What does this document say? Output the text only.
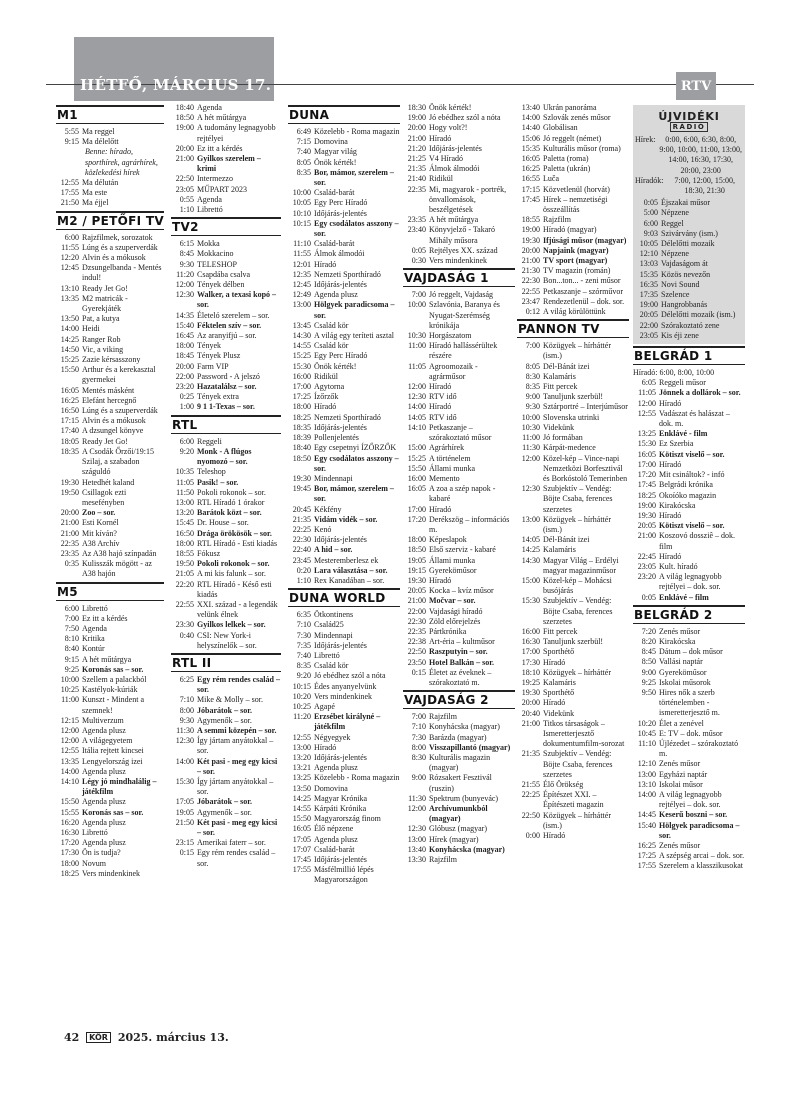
HÉTFŐ, MÁRCIUS 17.	RTV
M1
5:55 Ma reggel
9:15 Ma délelőtt
Benne: hírado, sporthírek, agrárhírek, közlekedési hírek
12:55 Ma délután
17:55 Ma este
21:50 Ma éjjel
M2 / PETŐFI TV
6:00 Rajzfilmek, sorozatok
11:55 Lúng és a szuperverdák
12:20 Alvin és a mókusok
12:45 Dzsungelbanda - Mentés indul!
13:10 Ready Jet Go!
13:35 M2 matricák - Gyerekjáték
13:50 Pat, a kutya
14:00 Heidi
14:25 Ranger Rob
14:50 Vic, a viking
15:25 Zazie kérsasszony
15:50 Arthur és a kerekasztal gyermekei
16:05 Mentés másként
16:25 Elefánt hercegnő
16:50 Lúng és a szuperverdák
17:15 Alvin és a mókusok
17:40 A dzsungel könyve
18:05 Ready Jet Go!
18:35 A Csodák Őrzői/19:15 Szilaj, a szabadon száguldó
19:30 Hetedhét kaland
19:50 Csillagok ezti mesefényben
20:00 Zoo – sor.
21:00 Esti Kornél
21:00 Mit kíván?
22:35 A38 Archív
23:35 Az A38 hajó színpadán
0:35 Kulisszák mögött - az A38 hajón
M5
6:00 Librettó
7:00 Ez itt a kérdés
7:50 Agenda
8:10 Kritika
8:40 Kontúr
9:15 A hét műtárgya
9:25 Koronás sas – sor.
10:00 Szellem a palackból
10:25 Kastélyok-kúriák
11:00 Kunszt - Mindent a szemnek!
12:15 Multiverzum
12:00 Agenda plusz
12:00 A világegyetem
12:55 Itália rejtett kincsei
13:35 Lengyelország izei
14:00 Agenda plusz
14:10 Légy jó mindhalálig – játékfilm
15:50 Agenda plusz
15:55 Koronás sas – sor.
16:20 Agenda plusz
16:30 Librettó
17:20 Agenda plusz
17:30 Ön is tudja?
18:00 Novum
18:25 Vers mindenkinek
18:40 Agenda
18:50 A hét műtárgya
19:00 A tudomány legnagyobb rejtélyei
20:00 Ez itt a kérdés
21:00 Gyilkos szerelem – krimi
22:50 Intermezzo
23:05 MŰPART 2023
0:55 Agenda
1:10 Librettó
TV2
6:15 Mokka
8:45 Mokkacino
9:30 TELESHOP
11:20 Csapdába csalva
12:00 Tények délben
12:30 Walker, a texasi kopó – sor.
14:35 Életeló szerelem – sor.
15:40 Féktelen szív – sor.
16:45 Az aranyifjú – sor.
18:00 Tények
18:45 Tények Plusz
20:00 Farm VIP
22:00 Password - A jelszó
23:20 Hazatalálsz – sor.
0:25 Tények extra
1:00 9 1 1-Texas – sor.
RTL
6:00 Reggeli
9:20 Monk - A flúgos nyomozó – sor.
10:35 Teleshop
11:05 Pasik! – sor.
11:50 Pokoli rokonok – sor.
13:00 RTL Híradó 1 órakor
13:20 Barátok közt – sor.
15:45 Dr. House – sor.
16:50 Drága örökösök – sor.
18:00 RTL Híradó - Esti kiadás
18:55 Fókusz
19:50 Pokoli rokonok – sor.
21:05 A mi kis falunk – sor.
22:20 RTL Híradó - Késő esti kiadás
22:55 XXI. század - a legendák velünk élnek
23:30 Gyilkos lelkek – sor.
0:40 CSI: New York-i helyszínelők – sor.
RTL II
6:25 Egy rém rendes család – sor.
7:10 Mike & Molly – sor.
8:00 Jóbarátok – sor.
9:30 Agymenők – sor.
11:30 A semmi közepén – sor.
12:30 Így jártam anyátokkal – sor.
14:00 Két pasi - meg egy kicsi – sor.
15:30 Így jártam anyátokkal – sor.
17:05 Jóbarátok – sor.
19:05 Agymenők – sor.
21:50 Két pasi - meg egy kicsi – sor.
23:15 Amerikai faterr – sor.
0:15 Egy rém rendes család – sor.
DUNA
6:49 Közelebb - Roma magazin
7:15 Domovina
7:40 Magyar világ
8:05 Önök kérték!
8:35 Bor, mámor, szerelem – sor.
10:00 Család-barát
10:05 Egy Perc Híradó
10:10 Időjárás-jelentés
10:15 Egy csodálatos asszony – sor.
11:10 Család-barát
11:55 Álmok álmodói
12:01 Híradó
12:35 Nemzeti Sporthíradó
12:45 Időjárás-jelentés
12:49 Agenda plusz
13:00 Hölgyek paradicsoma – sor.
13:45 Család kör
14:30 A világ egy teríteti asztal
14:55 Család kör
15:25 Egy Perc Híradó
15:30 Önök kérték!
16:00 Ridikül
17:00 Agytorna
17:25 Ízőrzők
18:00 Híradó
18:25 Nemzeti Sporthíradó
18:35 Időjárás-jelentés
18:39 Pollenjelentés
18:40 Egy csepetnyi ÍZŐRZŐK
18:50 Egy csodálatos asszony – sor.
19:30 Mindennapi
19:45 Bor, mámor, szerelem – sor.
20:45 Kékfény
21:35 Vidám vidék – sor.
22:25 Kenó
22:30 Időjárás-jelentés
22:40 A hid – sor.
23:45 Mesteremberlesz ek
0:20 Lara választása – sor.
1:10 Rex Kanadában – sor.
DUNA WORLD
6:35 Ötkontinens
7:10 Család25
7:30 Mindennapi
7:35 Időjárás-jelentés
7:40 Librettó
8:35 Család kör
9:20 Jó ebédhez szól a nóta
10:15 Édes anyanyelvünk
10:20 Vers mindenkinek
10:25 Agapé
11:20 Erzsébet királyné – játékfilm
12:55 Négyegyek
13:00 Híradó
13:20 Időjárás-jelentés
13:21 Agenda plusz
13:25 Közelebb - Roma magazin
13:50 Domovina
14:25 Magyar Krónika
14:55 Kárpáti Krónika
15:50 Magyarország finom
16:05 Élő népzene
17:05 Agenda plusz
17:07 Család-barát
17:45 Időjárás-jelentés
17:55 Másfélmillió lépés Magyarországon
18:30 Önök kérték!
19:00 Jó ebédhez szól a nóta
20:00 Hogy volt?!
21:00 Híradó
21:20 Időjárás-jelentés
21:25 V4 Híradó
21:35 Álmok álmodói
21:40 Ridikül
22:35 Mi, magyarok - portrék, önvallomások, beszélgetések
23:35 A hét műtárgya
23:40 Könyvjelző - Takaró Mihály műsora
0:05 Rejtélyes XX. század
0:30 Vers mindenkinek
VAJDASÁG 1
7:00 Jó reggelt, Vajdaság
10:00 Szlavónia, Baranya és Nyugat-Szerémség krónikája
10:30 Horgászatom
11:00 Híradó hallássérültek részére
11:05 Agroomozaik - agrárműsor
12:00 Híradó
12:30 RTV idő
14:00 Híradó
14:05 RTV idő
14:10 Petkaszanje – szórakoztató műsor
15:00 Agrárhírek
15:25 A történelem
15:50 Állami munka
16:00 Memento
16:05 A zoa a szép napok - kabaré
17:00 Híradó
17:20 Derékszög – információs m.
18:00 Képeslapok
18:50 Első szerviz - kabaré
19:05 Állami munka
19:15 Gyereköműsor
19:30 Híradó
20:05 Kocka – kvíz műsor
21:00 Močvar – sor.
22:00 Vajdasági híradó
22:30 Zöld előrejelzés
22:35 Pártkrónika
22:38 Art-éria – kultműsor
22:50 Raszputyin – sor.
23:50 Hotel Balkán – sor.
0:15 Életet az éveknek – szórakoztató m.
VAJDASÁG 2
7:00 Rajzfilm
7:10 Konyhácska (magyar)
7:30 Barázda (magyar)
8:00 Visszapillantó (magyar)
8:30 Kulturális magazin (magyar)
9:00 Rózsakert Fesztivál (ruszin)
11:30 Spektrum (bunyevác)
12:00 Archívumunkból (magyar)
12:30 Glóbusz (magyar)
13:00 Hírek (magyar)
13:40 Konyhácska (magyar)
13:30 Rajzfilm
13:40 Ukrán panoráma
14:00 Szlovák zenés műsor
14:40 Globálisan
15:06 Jó reggelt (német)
15:35 Kulturális műsor (roma)
16:05 Paletta (roma)
16:25 Paletta (ukrán)
16:55 Luča
17:15 Közvetlenül (horvát)
17:45 Hírek – nemzetiségi összeállítás
18:55 Rajzfilm
19:00 Híradó (magyar)
19:30 Ifjúsági műsor (magyar)
20:00 Napjaink (magyar)
21:00 TV sport (magyar)
21:30 TV magazin (román)
22:30 Bon...ton... - zeni műsor
22:55 Petkaszanje – szórművor
23:47 Rendezetlenül – dok. sor.
0:12 A világ körülöttünk
PANNON TV
7:00 Közügyek – hírháttér (ism.)
8:05 Dél-Bánát izei
8:30 Kalamáris
8:35 Fitt percek
9:00 Tanuljunk szerbül!
9:30 Sztárportré – Interjúműsor
10:00 Slovenska utrinki
10:30 Videkünk
11:00 Jó formában
11:30 Kárpát-medence
12:00 Közel-kép – Vince-napi Nemzetközi Borfesztivál és Borkóstoló Temerinben
12:30 Szubjektív – Vendég: Böjte Csaba, ferences szerzetes
13:00 Közügyek – hírháttér (ism.)
14:05 Dél-Bánát izei
14:25 Kalamáris
14:30 Magyar Világ – Erdélyi magyar magazinműsor
15:00 Közel-kép – Mohácsi busójárás
15:30 Szubjektív – Vendég: Böjte Csaba, ferences szerzetes
16:00 Fitt percek
16:30 Tanuljunk szerbül!
17:00 Sporthétő
17:30 Híradó
18:10 Közügyek – hírháttér
19:25 Kalamáris
19:30 Sporthétő
20:00 Híradó
20:40 Videkünk
21:00 Titkos társaságok – Ismeretterjesztő dokumentumfilm-sorozat
21:35 Szubjektív – Vendég: Böjte Csaba, ferences szerzetes
21:55 Élő Örökség
22:25 Építészet XXI. – Építészeti magazin
22:50 Közügyek – hírháttér (ism.)
0:00 Híradó
ÚJVIDÉKI
RÁDIÓ
Hírek:	0:00, 6:00, 6:30, 8:00, 9:00, 10:00, 11:00, 13:00, 14:00, 16:30, 17:30, 20:00, 23:00
Híradók:	7:00, 12:00, 15:00, 18:30, 21:30
0:05 Éjszakai műsor
5:00 Népzene
6:00 Reggel
9:03 Szivárvány (ism.)
10:05 Délelőtti mozaik
12:10 Népzene
13:03 Vajdaságom át
15:35 Közös nevezőn
16:35 Novi Sound
17:35 Szelence
19:00 Hangrobbanás
20:05 Délelőtti mozaik (ism.)
22:00 Szórakoztató zene
23:05 Kis éji zene
BELGRÁD 1
Híradó: 6:00, 8:00, 10:00
6:05 Reggeli műsor
11:05 Jönnek a dollárok – sor.
12:00 Híradó
12:55 Vadászat és halászat – dok. m.
13:25 Enklávé - film
15:30 Ez Szerbia
16:05 Kötiszt viselő – sor.
17:00 Híradó
17:20 Mit csináltok? - infó
17:45 Belgrádi krónika
18:25 Okoíóko magazin
19:00 Kirakócska
19:30 Híradó
20:05 Kötiszt viselő – sor.
21:00 Koszovó dossziê – dok. film
22:45 Híradó
23:05 Kult. híradó
23:20 A világ legnagyobb rejtélyei – dok. sor.
0:05 Enklávé – film
BELGRÁD 2
7:20 Zenés műsor
8:20 Kirakócska
8:45 Dátum – dok műsor
8:50 Vallási naptár
9:00 Gyereköműsor
9:25 Iskolai műsorok
9:50 Hires nők a szerb történelemben - ismeretterjesztő m.
10:20 Élet a zenével
10:45 E: TV – dok. műsor
11:10 Újlézedet – szórakoztató m.
12:10 Zenés műsor
13:00 Egyházi naptár
13:10 Iskolai műsor
14:00 A világ legnagyobb rejtélyei – dok. sor.
14:45 Keserű boszni – sor.
15:40 Hölgyek paradicsoma – sor.
16:25 Zenés műsor
17:25 A szépség arcai – dok. sor.
17:55 Szerelem a klasszikusokat
42 KÖR 2025. március 13.
